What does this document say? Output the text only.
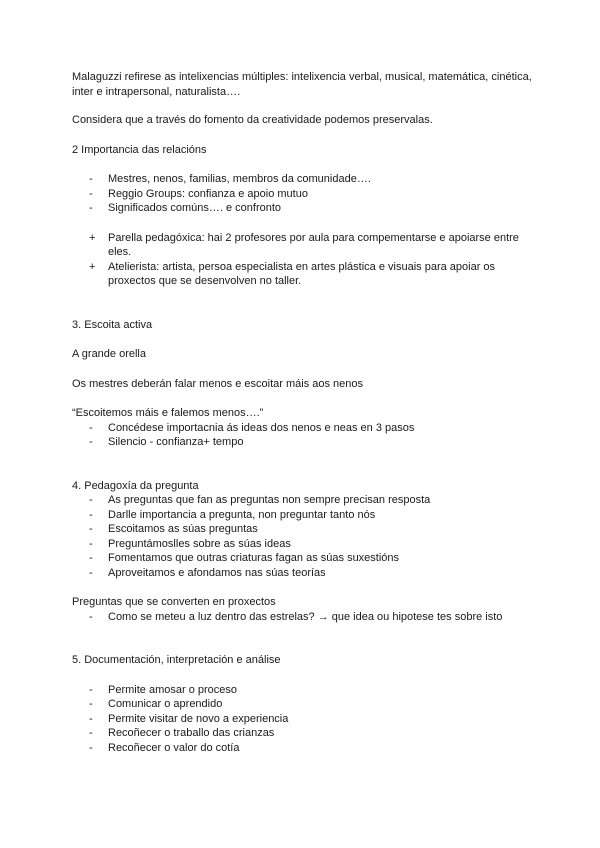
Malaguzzi refirese as intelixencias múltiples: intelixencia verbal, musical, matemática, cinética, inter e intrapersonal, naturalista….

Considera que a través do fomento da creatividade podemos preservalas.

2 Importancia das relacións

- Mestres, nenos, familias, membros da comunidade….
- Reggio Groups: confianza e apoio mutuo
- Significados comúns…. e confronto
+ Parella pedagóxica: hai 2 profesores por aula para compementarse e apoiarse entre eles.
+ Atelierista: artista, persoa especialista en artes plástica e visuais para apoiar os proxectos que se desenvolven no taller.

3. Escoita activa

A grande orella

Os mestres deberán falar menos e escoitar máis aos nenos

“Escoitemos máis e falemos menos….”

- Concédese importacnia ás ideas dos nenos e neas en 3 pasos
- Silencio - confianza+ tempo

4. Pedagoxía da pregunta

- As preguntas que fan as preguntas non sempre precisan resposta
- Darlle importancia a pregunta, non preguntar tanto nós
- Escoitamos as súas preguntas
- Preguntámoslles sobre as súas ideas
- Fomentamos que outras criaturas fagan as súas suxestións
- Aproveitamos e afondamos nas súas teorías

Preguntas que se converten en proxectos

- Como se meteu a luz dentro das estrelas? → que idea ou hipotese tes sobre isto

5. Documentación, interpretación e análise

- Permite amosar o proceso
- Comunicar o aprendido
- Permite visitar de novo a experiencia
- Recoñecer o traballo das crianzas
- Recoñecer o valor do cotía
